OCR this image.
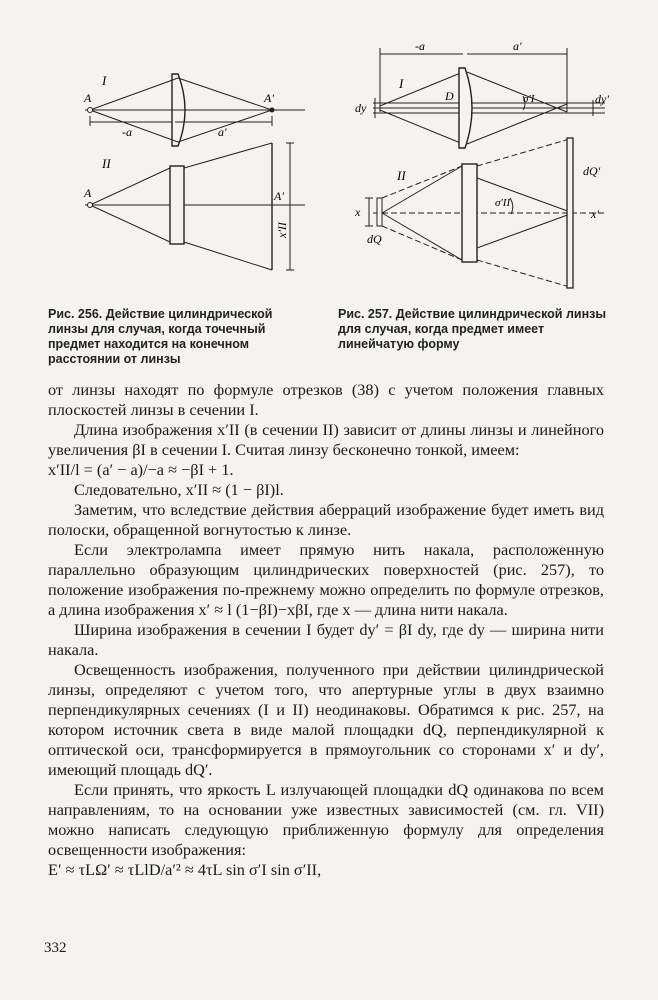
I
A	A'
-a	a'
II
A	A'
x'II
Рис. 256. Действие цилиндрической линзы для случая, когда точечный предмет находится на конечном расстоянии от линзы
-a	a'
I
D
dy
σ'I	dy'
II	dQ'
σ'II
x	x'
dQ
Рис. 257. Действие цилиндрической линзы для случая, когда предмет имеет линейчатую форму

от линзы находят по формуле отрезков (38) с учетом положения главных плоскостей линзы в сечении I.

Длина изображения x′II (в сечении II) зависит от длины линзы и линейного увеличения βI в сечении I. Считая линзу бесконечно тонкой, имеем:

x′II/l = (a′ − a)/−a ≈ −βI + 1.

Следовательно, x′II ≈ (1 − βI)l.

Заметим, что вследствие действия аберраций изображение будет иметь вид полоски, обращенной вогнутостью к линзе.

Если электролампа имеет прямую нить накала, расположенную параллельно образующим цилиндрических поверхностей (рис. 257), то положение изображения по-прежнему можно определить по формуле отрезков, а длина изображения x′ ≈ l (1−βI)−xβI, где x — длина нити накала.

Ширина изображения в сечении I будет dy′ = βI dy, где dy — ширина нити накала.

Освещенность изображения, полученного при действии цилиндрической линзы, определяют с учетом того, что апертурные углы в двух взаимно перпендикулярных сечениях (I и II) неодинаковы. Обратимся к рис. 257, на котором источник света в виде малой площадки dQ, перпендикулярной к оптической оси, трансформируется в прямоугольник со сторонами x′ и dy′, имеющий площадь dQ′.

Если принять, что яркость L излучающей площадки dQ одинакова по всем направлениям, то на основании уже известных зависимостей (см. гл. VII) можно написать следующую приближенную формулу для определения освещенности изображения:

E′ ≈ τLΩ′ ≈ τLlD/a′² ≈ 4τL sin σ′I sin σ′II,

332
